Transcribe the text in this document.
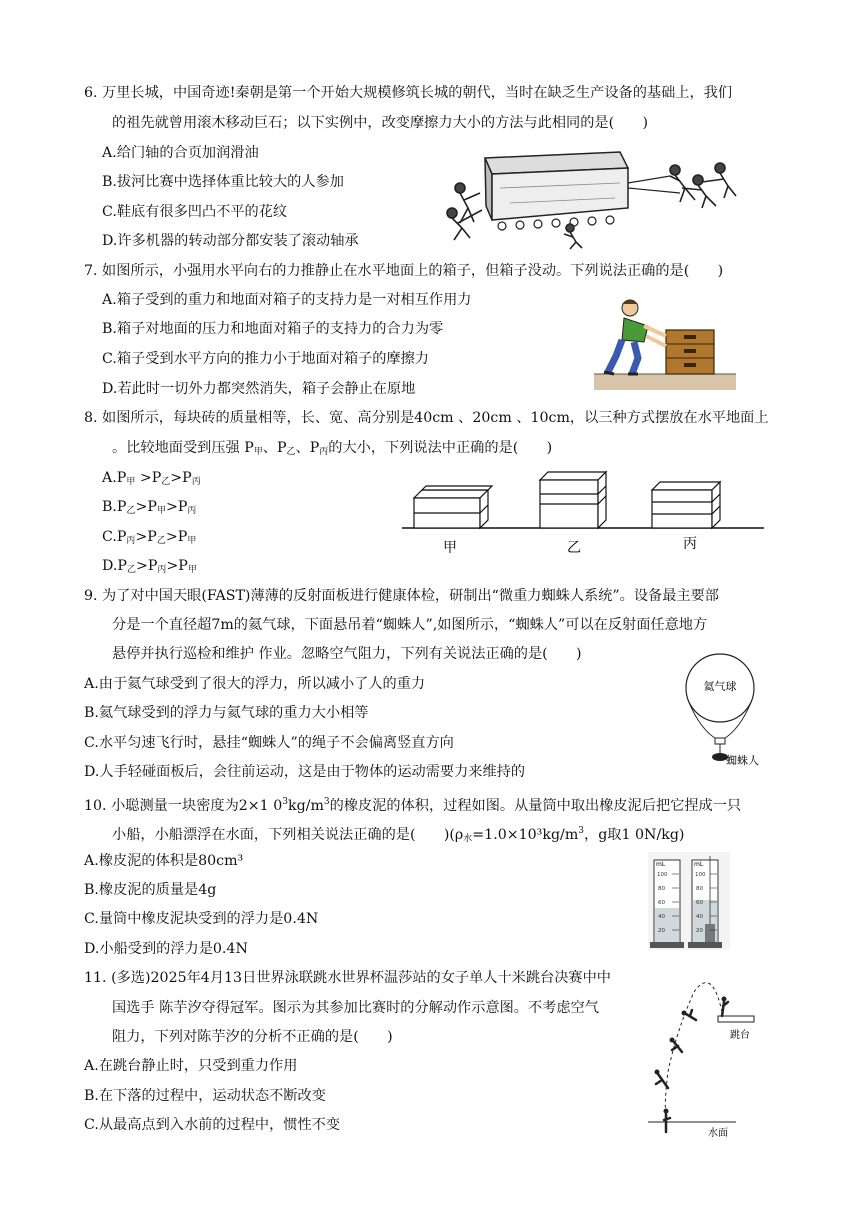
6. 万里长城，中国奇迹!秦朝是第一个开始大规模修筑长城的朝代，当时在缺乏生产设备的基础上，我们
的祖先就曾用滚木移动巨石；以下实例中，改变摩擦力大小的方法与此相同的是(　　)
A.给门轴的合页加润滑油
B.拔河比赛中选择体重比较大的人参加
C.鞋底有很多凹凸不平的花纹
D.许多机器的转动部分都安装了滚动轴承
7. 如图所示，小强用水平向右的力推静止在水平地面上的箱子，但箱子没动。下列说法正确的是(　　)
A.箱子受到的重力和地面对箱子的支持力是一对相互作用力
B.箱子对地面的压力和地面对箱子的支持力的合力为零
C.箱子受到水平方向的推力小于地面对箱子的摩擦力
D.若此时一切外力都突然消失，箱子会静止在原地
8. 如图所示，每块砖的质量相等，长、宽、高分别是40cm 、20cm 、10cm，以三种方式摆放在水平地面上
。比较地面受到压强 $P_甲$、$P_乙$、$P_丙$的大小，下列说法中正确的是(　　)
$A.P_甲 >P_乙>P_丙$
$B.P_乙>P_甲>P_丙$
$C.P_丙>P_乙>P_甲$
$D.P_乙>P_丙>P_甲$
甲	乙	丙
9. 为了对中国天眼(FAST)薄薄的反射面板进行健康体检，研制出“微重力蜘蛛人系统”。设备最主要部
分是一个直径超7m的氦气球，下面悬吊着“蜘蛛人”,如图所示，“蜘蛛人”可以在反射面任意地方
悬停并执行巡检和维护 作业。忽略空气阻力，下列有关说法正确的是(　　)
A.由于氦气球受到了很大的浮力，所以减小了人的重力
B.氦气球受到的浮力与氦气球的重力大小相等
C.水平匀速飞行时，悬挂“蜘蛛人”的绳子不会偏离竖直方向
D.人手轻碰面板后，会往前运动，这是由于物体的运动需要力来维持的
氦气球
蜘蛛人
10. 小聪测量一块密度为2×1 $0^3kg/m^3$的橡皮泥的体积，过程如图。从量筒中取出橡皮泥后把它捏成一只
小船，小船漂浮在水面，下列相关说法正确的是(　　)($\rho_水=1.0\times 10^3kg/m^3$，g取1 0N/kg)
A.橡皮泥的体积是80cm³
B.橡皮泥的质量是4g
C.量筒中橡皮泥块受到的浮力是0.4N
D.小船受到的浮力是0.4N
mL	mL
100
80
60
40
20
100
80
60
40
20
11. (多选)2025年4月13日世界泳联跳水世界杯温莎站的女子单人十米跳台决赛中中
国选手 陈芋汐夺得冠军。图示为其参加比赛时的分解动作示意图。不考虑空气
阻力，下列对陈芋汐的分析不正确的是(　　)
A.在跳台静止时，只受到重力作用
B.在下落的过程中，运动状态不断改变
C.从最高点到入水前的过程中，惯性不变
跳台
水面
